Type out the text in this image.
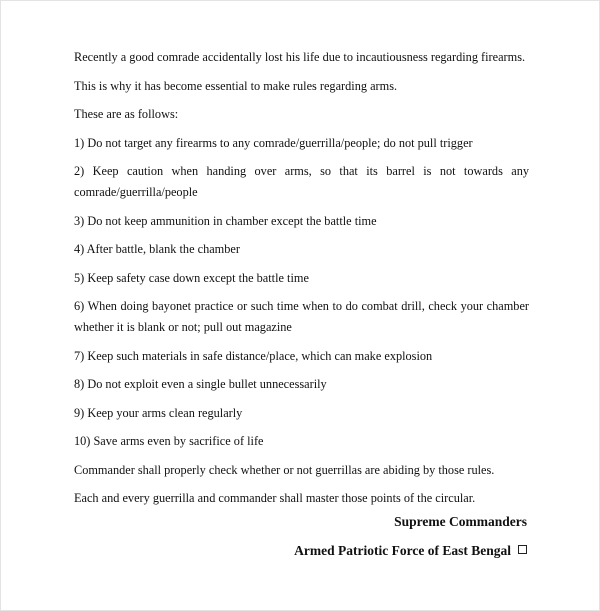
Recently a good comrade accidentally lost his life due to incautiousness regarding firearms.

This is why it has become essential to make rules regarding arms.

These are as follows:

1) Do not target any firearms to any comrade/guerrilla/people; do not pull trigger

2) Keep caution when handing over arms, so that its barrel is not towards any comrade/guerrilla/people

3) Do not keep ammunition in chamber except the battle time

4) After battle, blank the chamber

5) Keep safety case down except the battle time

6) When doing bayonet practice or such time when to do combat drill, check your chamber whether it is blank or not; pull out magazine

7) Keep such materials in safe distance/place, which can make explosion

8) Do not exploit even a single bullet unnecessarily

9) Keep your arms clean regularly

10) Save arms even by sacrifice of life

Commander shall properly check whether or not guerrillas are abiding by those rules.

Each and every guerrilla and commander shall master those points of the circular.

Supreme Commanders
Armed Patriotic Force of East Bengal
